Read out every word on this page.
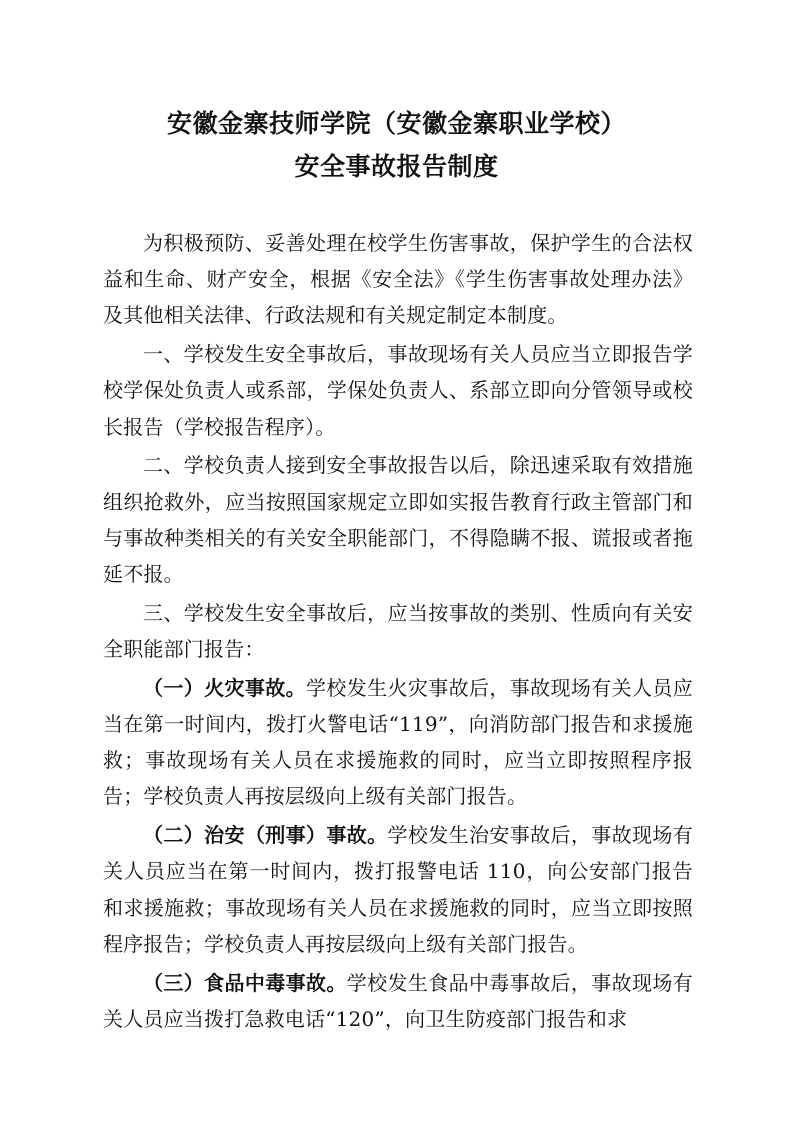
安徽金寨技师学院（安徽金寨职业学校）
安全事故报告制度

为积极预防、妥善处理在校学生伤害事故，保护学生的合法权益和生命、财产安全，根据《安全法》《学生伤害事故处理办法》及其他相关法律、行政法规和有关规定制定本制度。

一、学校发生安全事故后，事故现场有关人员应当立即报告学校学保处负责人或系部，学保处负责人、系部立即向分管领导或校长报告（学校报告程序）。

二、学校负责人接到安全事故报告以后，除迅速采取有效措施组织抢救外，应当按照国家规定立即如实报告教育行政主管部门和与事故种类相关的有关安全职能部门，不得隐瞒不报、谎报或者拖延不报。

三、学校发生安全事故后，应当按事故的类别、性质向有关安全职能部门报告：

（一）火灾事故。学校发生火灾事故后，事故现场有关人员应当在第一时间内，拨打火警电话“119”，向消防部门报告和求援施救；事故现场有关人员在求援施救的同时，应当立即按照程序报告；学校负责人再按层级向上级有关部门报告。

（二）治安（刑事）事故。学校发生治安事故后，事故现场有关人员应当在第一时间内，拨打报警电话 110，向公安部门报告和求援施救；事故现场有关人员在求援施救的同时，应当立即按照程序报告；学校负责人再按层级向上级有关部门报告。

（三）食品中毒事故。学校发生食品中毒事故后，事故现场有关人员应当拨打急救电话“120”，向卫生防疫部门报告和求
